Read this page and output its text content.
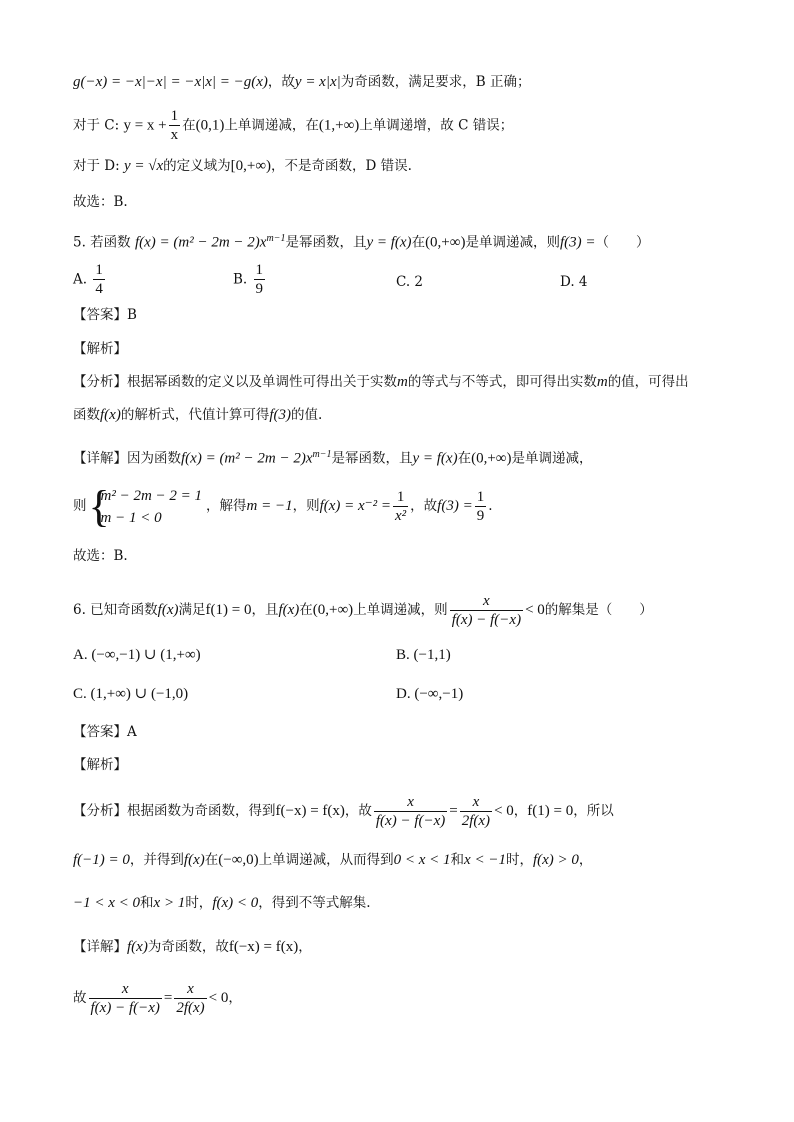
g(−x) = −x|−x| = −x|x| = −g(x)，故y = x|x|为奇函数，满足要求，B 正确；
对于 C: $y = x + \frac{1}{x}$ 在(0,1)上单调递减，在(1,+∞)上单调递增，故 C 错误；
对于 D: y = √x的定义域为[0,+∞)，不是奇函数，D 错误.
故选：B.
5. 若函数 $f(x) = (m^2 - 2m - 2)x^{m-1}$是幂函数，且y = f(x)在(0,+∞)是单调递减，则f(3) =（　　）
A. $\frac{1}{4}$	B. $\frac{1}{9}$	C. 2	D. 4
【答案】B
【解析】
【分析】根据幂函数的定义以及单调性可得出关于实数m的等式与不等式，即可得出实数m的值，可得出
函数f(x)的解析式，代值计算可得f(3)的值.
【详解】因为函数$f(x) = (m^2 - 2m - 2)x^{m-1}$是幂函数，且y = f(x)在(0,+∞)是单调递减，
则 {
m² − 2m − 2 = 1
m − 1 < 0
，解得m = −1，则$f(x) = x^{-2} = \frac{1}{\text{x²}}$ ，故$f(3) = \frac{1}{9}$ .
故选：B.
6. 已知奇函数f(x)满足f(1) = 0，且f(x)在(0,+∞)上单调递减，则 $\frac{x}{f(x) - f(-x)} < 0$的解集是（　　）
A. (−∞,−1) ∪ (1,+∞)	B. (−1,1)
C. (1,+∞) ∪ (−1,0)	D. (−∞,−1)
【答案】A
【解析】
【分析】根据函数为奇函数，得到f(−x) = f(x)，故 $\frac{x}{f(x) - f(-x)} = \frac{x}{2f(x)} < 0$，f(1) = 0，所以
f(−1) = 0，并得到f(x)在(−∞,0)上单调递减，从而得到0 < x < 1和x < −1时，f(x) > 0，
−1 < x < 0和x > 1时，f(x) < 0，得到不等式解集.
【详解】f(x)为奇函数，故f(−x) = f(x)，
故 $\frac{x}{f(x) - f(-x)} = \frac{x}{2f(x)} < 0$，
